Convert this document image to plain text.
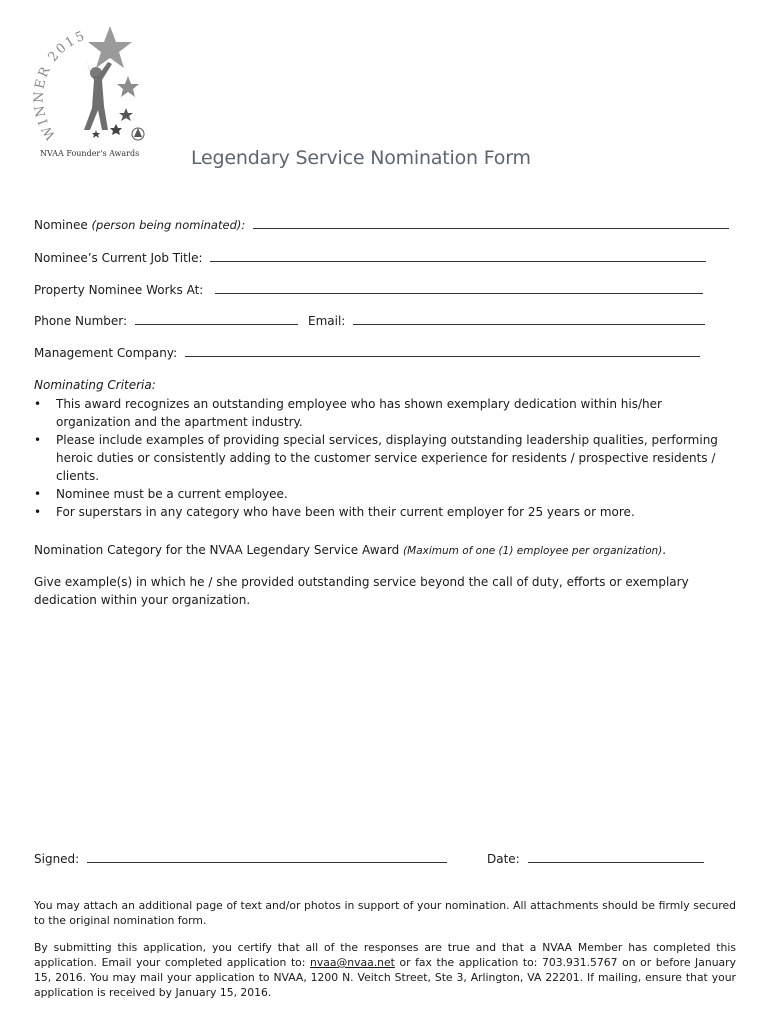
WINNER 2015
NVAA Founder's Awards	Legendary Service Nomination Form
Nominee (person being nominated):
Nominee’s Current Job Title:
Property Nominee Works At:
Phone Number:	Email:
Management Company:
Nominating Criteria:
• This award recognizes an outstanding employee who has shown exemplary dedication within his/her organization and the apartment industry.
• Please include examples of providing special services, displaying outstanding leadership qualities, performing heroic duties or consistently adding to the customer service experience for residents / prospective residents / clients.
• Nominee must be a current employee.
• For superstars in any category who have been with their current employer for 25 years or more.
Nomination Category for the NVAA Legendary Service Award (Maximum of one (1) employee per organization).
Give example(s) in which he / she provided outstanding service beyond the call of duty, efforts or exemplary dedication within your organization.
Signed:	Date:
You may attach an additional page of text and/or photos in support of your nomination. All attachments should be firmly secured to the original nomination form.
By submitting this application, you certify that all of the responses are true and that a NVAA Member has completed this application. Email your completed application to: nvaa@nvaa.net or fax the application to: 703.931.5767 on or before January 15, 2016. You may mail your application to NVAA, 1200 N. Veitch Street, Ste 3, Arlington, VA 22201. If mailing, ensure that your application is received by January 15, 2016.
